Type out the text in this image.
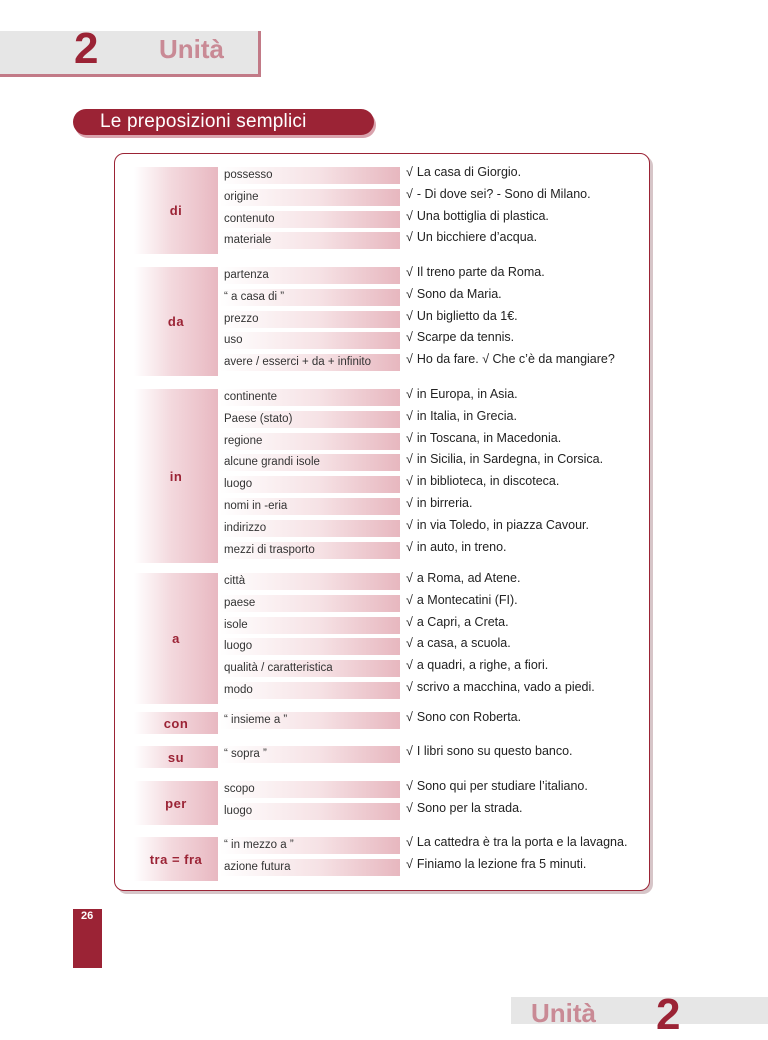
2 Unità
Le preposizioni semplici
di
possesso	√ La casa di Giorgio.
origine	√ - Di dove sei? - Sono di Milano.
contenuto	√ Una bottiglia di plastica.
materiale	√ Un bicchiere d’acqua.
da
partenza	√ Il treno parte da Roma.
“ a casa di ”	√ Sono da Maria.
prezzo	√ Un biglietto da 1€.
uso	√ Scarpe da tennis.
avere / esserci + da + infinito	√ Ho da fare. √ Che c’è da mangiare?
in
continente	√ in Europa, in Asia.
Paese (stato)	√ in Italia, in Grecia.
regione	√ in Toscana, in Macedonia.
alcune grandi isole	√ in Sicilia, in Sardegna, in Corsica.
luogo	√ in biblioteca, in discoteca.
nomi in -eria	√ in birreria.
indirizzo	√ in via Toledo, in piazza Cavour.
mezzi di trasporto	√ in auto, in treno.
a
città	√ a Roma, ad Atene.
paese	√ a Montecatini (FI).
isole	√ a Capri, a Creta.
luogo	√ a casa, a scuola.
qualità / caratteristica	√ a quadri, a righe, a fiori.
modo	√ scrivo a macchina, vado a piedi.
con	“ insieme a ”	√ Sono con Roberta.
su	“ sopra ”	√ I libri sono su questo banco.
per
scopo	√ Sono qui per studiare l’italiano.
luogo	√ Sono per la strada.
tra = fra
“ in mezzo a ”	√ La cattedra è tra la porta e la lavagna.
azione futura	√ Finiamo la lezione fra 5 minuti.
26
Unità 2
